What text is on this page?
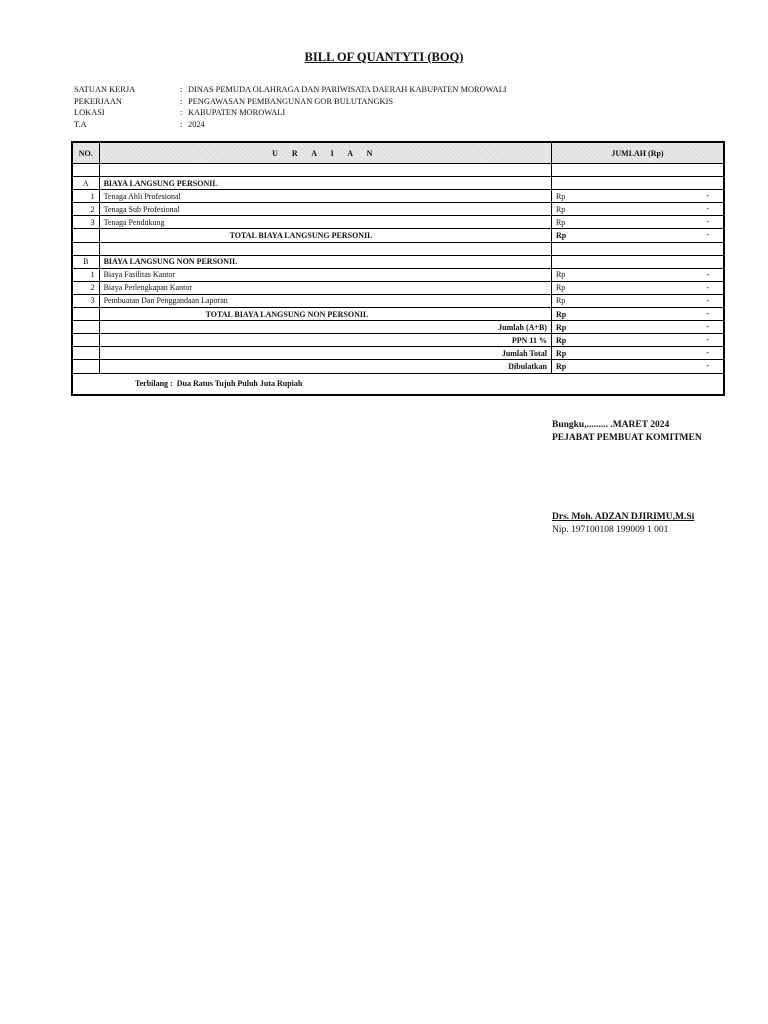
BILL OF QUANTYTI (BOQ)
SATUAN KERJA	: DINAS PEMUDA OLAHRAGA DAN PARIWISATA DAERAH KABUPATEN MOROWALI
PEKERJAAN	: PENGAWASAN PEMBANGUNAN GOR BULUTANGKIS
LOKASI	: KABUPATEN MOROWALI
T.A	: 2024
NO.	U R A I A N	JUMLAH (Rp)

A	BIAYA LANGSUNG PERSONIL	
1	Tenaga Ahli Profesional	Rp -

2	Tenaga Sub Profesional	Rp -

3	Tenaga Pendukung	Rp -

	TOTAL BIAYA LANGSUNG PERSONIL	Rp -

B	BIAYA LANGSUNG NON PERSONIL	
1	Biaya Fasilitas Kantor	Rp -

2	Biaya Perlengkapan Kantor	Rp -

3	Pembuatan Dan Penggandaan Laporan	Rp -

	TOTAL BIAYA LANGSUNG NON PERSONIL	Rp -

	Jumlah (A+B)	Rp -

	PPN 11 %	Rp -

	Jumlah Total	Rp -

	Dibulatkan	Rp -

Terbilang : Dua Ratus Tujuh Puluh Juta Rupiah		
Bungku,......... .MARET 2024
PEJABAT PEMBUAT KOMITMEN
Drs. Moh. ADZAN DJIRIMU,M.Si
Nip. 197100108 199009 1 001
